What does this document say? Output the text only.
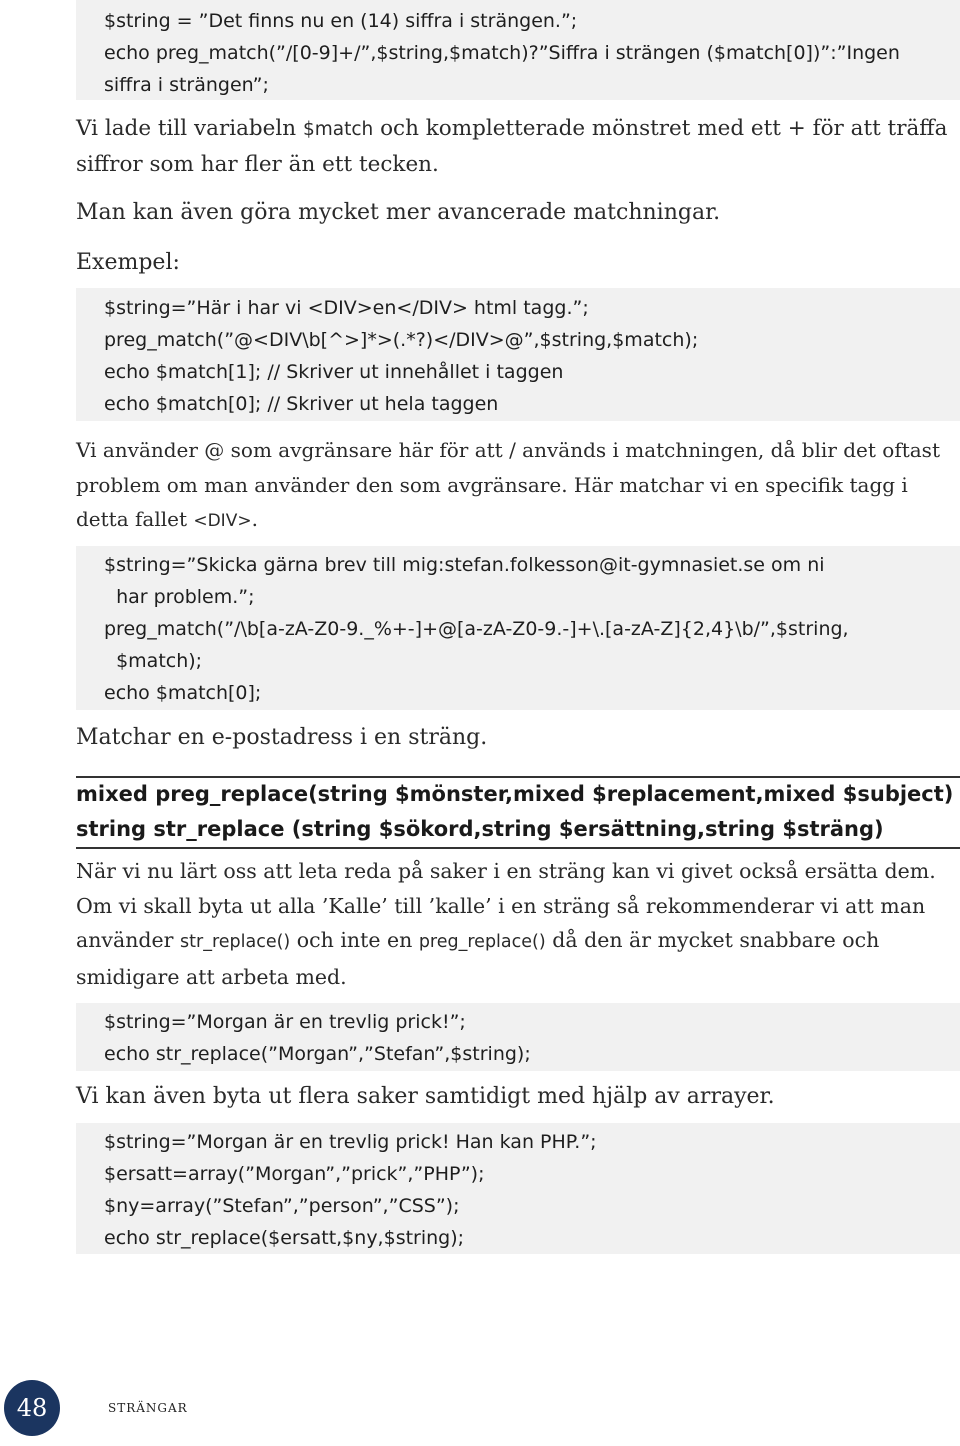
$string = ”Det finns nu en (14) siffra i strängen.”;
echo preg_match(”/[0-9]+/”,$string,$match)?”Siffra i strängen ($match[0])”:”Ingen
siffra i strängen”;

Vi lade till variabeln $match och kompletterade mönstret med ett + för att träffa
siffror som har fler än ett tecken.

Man kan även göra mycket mer avancerade matchningar.

Exempel:

$string=”Här i har vi <DIV>en</DIV> html tagg.”;
preg_match(”@<DIV\b[^>]*>(.*?)</DIV>@”,$string,$match);
echo $match[1]; // Skriver ut innehållet i taggen
echo $match[0]; // Skriver ut hela taggen

Vi använder @ som avgränsare här för att / används i matchningen, då blir det oftast
problem om man använder den som avgränsare. Här matchar vi en specifik tagg i
detta fallet <DIV>.

$string=”Skicka gärna brev till mig:stefan.folkesson@it-gymnasiet.se om ni
har problem.”;
preg_match(”/\b[a-zA-Z0-9._%+-]+@[a-zA-Z0-9.-]+\.[a-zA-Z]{2,4}\b/”,$string,
$match);
echo $match[0];

Matchar en e-postadress i en sträng.

mixed preg_replace(string $mönster,mixed $replacement,mixed $subject)
string str_replace (string $sökord,string $ersättning,string $sträng)

När vi nu lärt oss att leta reda på saker i en sträng kan vi givet också ersätta dem.
Om vi skall byta ut alla ’Kalle’ till ’kalle’ i en sträng så rekommenderar vi att man
använder str_replace() och inte en preg_replace() då den är mycket snabbare och
smidigare att arbeta med.

$string=”Morgan är en trevlig prick!”;
echo str_replace(”Morgan”,”Stefan”,$string);

Vi kan även byta ut flera saker samtidigt med hjälp av arrayer.

$string=”Morgan är en trevlig prick! Han kan PHP.”;
$ersatt=array(”Morgan”,”prick”,”PHP”);
$ny=array(”Stefan”,”person”,”CSS”);
echo str_replace($ersatt,$ny,$string);
48	strängar
